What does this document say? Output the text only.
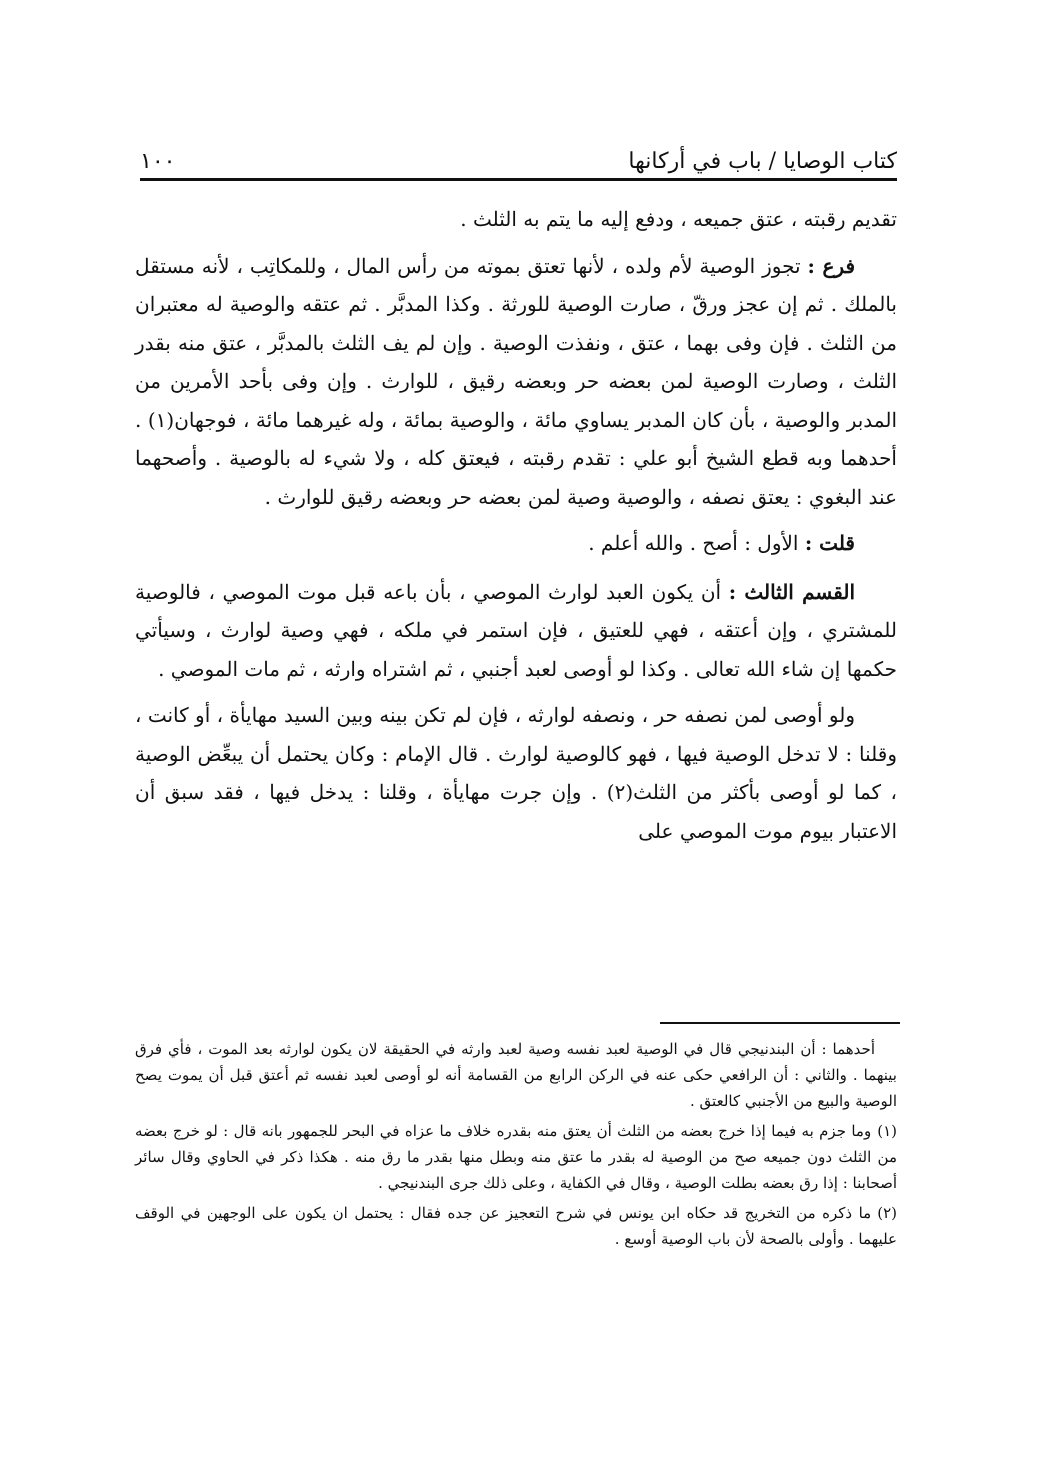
كتاب الوصايا / باب في أركانها
١٠٠

تقديم رقبته ، عتق جميعه ، ودفع إليه ما يتم به الثلث .

فرع : تجوز الوصية لأم ولده ، لأنها تعتق بموته من رأس المال ، وللمكاتِب ، لأنه مستقل بالملك . ثم إن عجز ورقّ ، صارت الوصية للورثة . وكذا المدبَّر . ثم عتقه والوصية له معتبران من الثلث . فإن وفى بهما ، عتق ، ونفذت الوصية . وإن لم يف الثلث بالمدبَّر ، عتق منه بقدر الثلث ، وصارت الوصية لمن بعضه حر وبعضه رقيق ، للوارث . وإن وفى بأحد الأمرين من المدبر والوصية ، بأن كان المدبر يساوي مائة ، والوصية بمائة ، وله غيرهما مائة ، فوجهان(١) . أحدهما وبه قطع الشيخ أبو علي : تقدم رقبته ، فيعتق كله ، ولا شيء له بالوصية . وأصحهما عند البغوي : يعتق نصفه ، والوصية وصية لمن بعضه حر وبعضه رقيق للوارث .

قلت : الأول : أصح . والله أعلم .

القسم الثالث : أن يكون العبد لوارث الموصي ، بأن باعه قبل موت الموصي ، فالوصية للمشتري ، وإن أعتقه ، فهي للعتيق ، فإن استمر في ملكه ، فهي وصية لوارث ، وسيأتي حكمها إن شاء الله تعالى . وكذا لو أوصى لعبد أجنبي ، ثم اشتراه وارثه ، ثم مات الموصي .

ولو أوصى لمن نصفه حر ، ونصفه لوارثه ، فإن لم تكن بينه وبين السيد مهايأة ، أو كانت ، وقلنا : لا تدخل الوصية فيها ، فهو كالوصية لوارث . قال الإمام : وكان يحتمل أن يبعِّض الوصية ، كما لو أوصى بأكثر من الثلث(٢) . وإن جرت مهايأة ، وقلنا : يدخل فيها ، فقد سبق أن الاعتبار بيوم موت الموصي على

أحدهما : أن البندنيجي قال في الوصية لعبد نفسه وصية لعبد وارثه في الحقيقة لان يكون لوارثه بعد الموت ، فأي فرق بينهما . والثاني : أن الرافعي حكى عنه في الركن الرابع من القسامة أنه لو أوصى لعبد نفسه ثم أعتق قبل أن يموت يصح الوصية والبيع من الأجنبي كالعتق .

(١)وما جزم به فيما إذا خرج بعضه من الثلث أن يعتق منه بقدره خلاف ما عزاه في البحر للجمهور بانه قال : لو خرج بعضه من الثلث دون جميعه صح من الوصية له بقدر ما عتق منه وبطل منها بقدر ما رق منه . هكذا ذكر في الحاوي وقال سائر أصحابنا : إذا رق بعضه بطلت الوصية ، وقال في الكفاية ، وعلى ذلك جرى البندنيجي .

(٢)ما ذكره من التخريج قد حكاه ابن يونس في شرح التعجيز عن جده فقال : يحتمل ان يكون على الوجهين في الوقف عليهما . وأولى بالصحة لأن باب الوصية أوسع .
